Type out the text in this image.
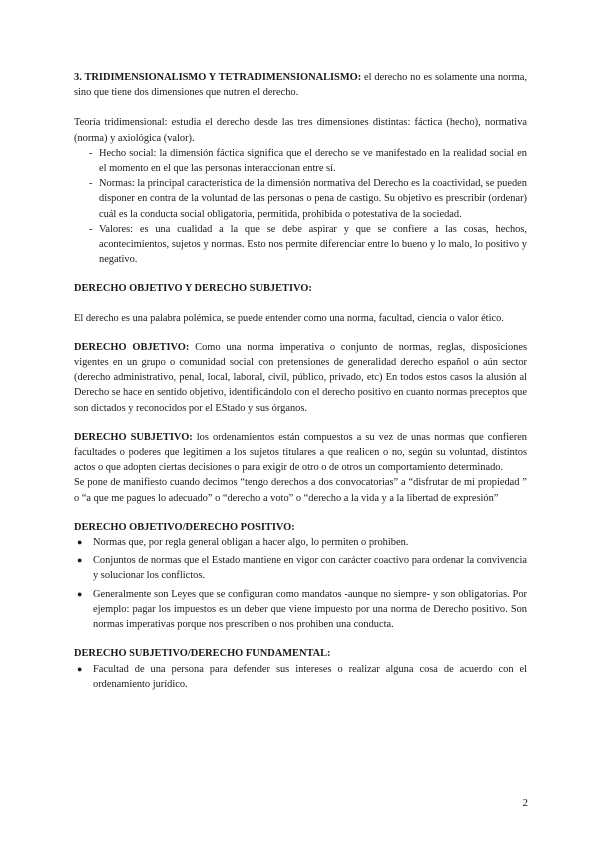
3. TRIDIMENSIONALISMO Y TETRADIMENSIONALISMO: el derecho no es solamente una norma, sino que tiene dos dimensiones que nutren el derecho.

Teoría tridimensional: estudia el derecho desde las tres dimensiones distintas: fáctica (hecho), normativa (norma) y axiológica (valor).

- Hecho social: la dimensión fáctica significa que el derecho se ve manifestado en la realidad social en el momento en el que las personas interaccionan entre sí.
- Normas: la principal característica de la dimensión normativa del Derecho es la coactividad, se pueden disponer en contra de la voluntad de las personas o pena de castigo. Su objetivo es prescribir (ordenar) cuál es la conducta social obligatoria, permitida, prohibida o potestativa de la sociedad.
- Valores: es una cualidad a la que se debe aspirar y que se confiere a las cosas, hechos, acontecimientos, sujetos y normas. Esto nos permite diferenciar entre lo bueno y lo malo, lo positivo y negativo.

DERECHO OBJETIVO Y DERECHO SUBJETIVO:

El derecho es una palabra polémica, se puede entender como una norma, facultad, ciencia o valor ético.

DERECHO OBJETIVO: Como una norma imperativa o conjunto de normas, reglas, disposiciones vigentes en un grupo o comunidad social con pretensiones de generalidad derecho español o aún sector (derecho administrativo, penal, local, laboral, civil, público, privado, etc) En todos estos casos la alusión al Derecho se hace en sentido objetivo, identificándolo con el derecho positivo en cuanto normas preceptos que son dictados y reconocidos por el EStado y sus órganos.

DERECHO SUBJETIVO: los ordenamientos están compuestos a su vez de unas normas que confieren facultades o poderes que legitimen a los sujetos titulares a que realicen o no, según su voluntad, distintos actos o que adopten ciertas decisiones o para exigir de otro o de otros un comportamiento determinado.

Se pone de manifiesto cuando decimos “tengo derechos a dos convocatorias” a “disfrutar de mi propiedad ” o “a que me pagues lo adecuado” o “derecho a voto” o “derecho a la vida y a la libertad de expresión”

DERECHO OBJETIVO/DERECHO POSITIVO:

● Normas que, por regla general obligan a hacer algo, lo permiten o prohiben.
● Conjuntos de normas que el Estado mantiene en vigor con carácter coactivo para ordenar la convivencia y solucionar los conflictos.
● Generalmente son Leyes que se configuran como mandatos -aunque no siempre- y son obligatorias. Por ejemplo: pagar los impuestos es un deber que viene impuesto por una norma de Derecho positivo. Son normas imperativas porque nos prescriben o nos prohiben una conducta.

DERECHO SUBJETIVO/DERECHO FUNDAMENTAL:

● Facultad de una persona para defender sus intereses o realizar alguna cosa de acuerdo con el ordenamiento jurídico.
2
